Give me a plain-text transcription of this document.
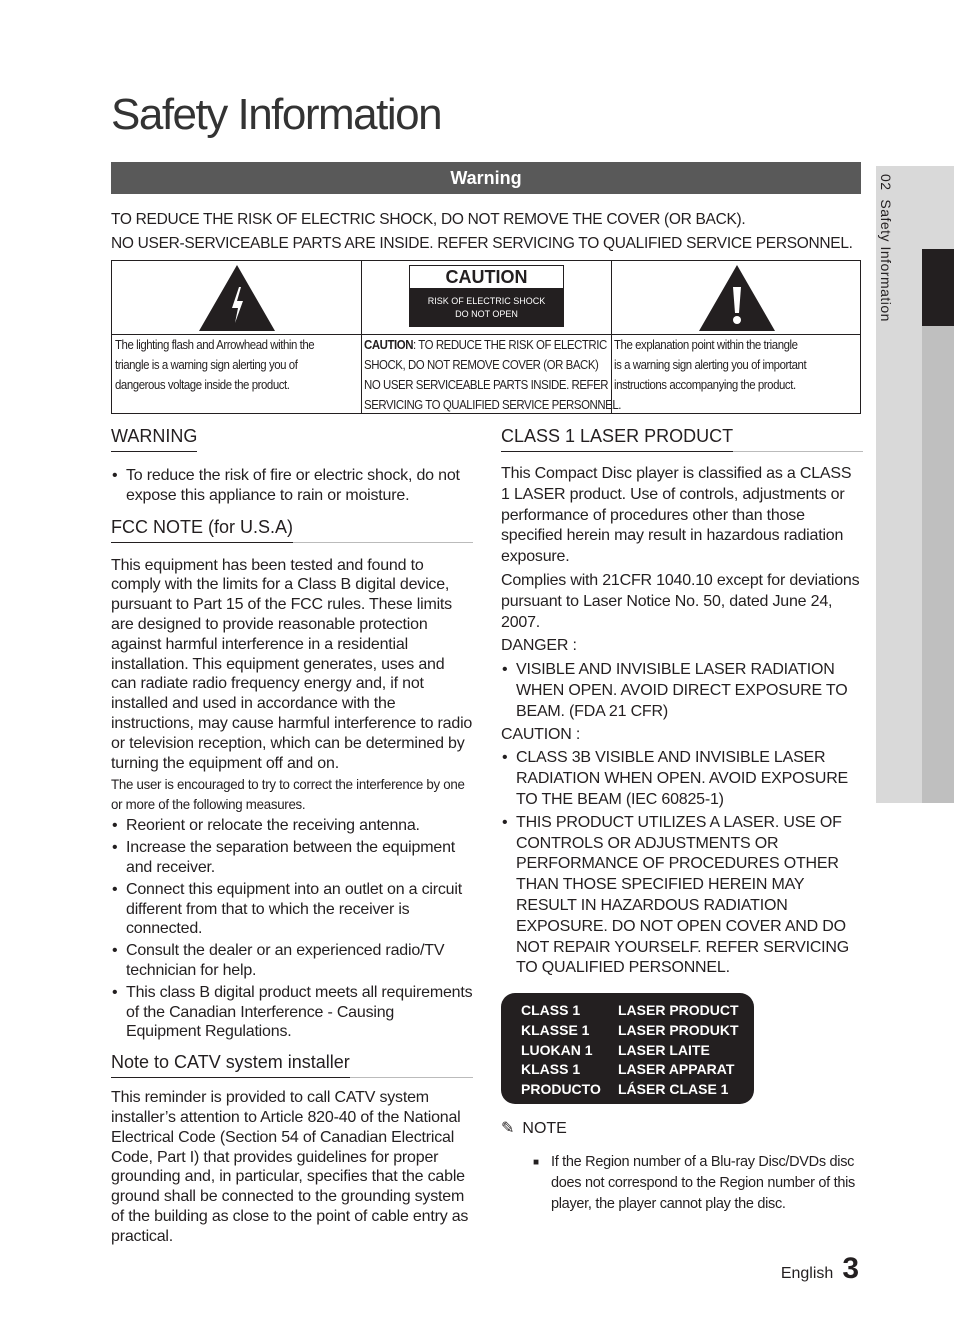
Safety Information
Warning

TO REDUCE THE RISK OF ELECTRIC SHOCK, DO NOT REMOVE THE COVER (OR BACK).

NO USER-SERVICEABLE PARTS ARE INSIDE. REFER SERVICING TO QUALIFIED SERVICE PERSONNEL.

CAUTION
RISK OF ELECTRIC SHOCK
DO NOT OPEN
The lighting flash and Arrowhead within the
triangle is a warning sign alerting you of
dangerous voltage inside the product.
CAUTION: TO REDUCE THE RISK OF ELECTRIC
SHOCK, DO NOT REMOVE COVER (OR BACK)
NO USER SERVICEABLE PARTS INSIDE. REFER
SERVICING TO QUALIFIED SERVICE PERSONNEL.
The explanation point within the triangle
is a warning sign alerting you of important
instructions accompanying the product.
WARNING
• To reduce the risk of fire or electric shock, do not expose this appliance to rain or moisture.
FCC NOTE (for U.S.A)

This equipment has been tested and found to comply with the limits for a Class B digital device, pursuant to Part 15 of the FCC rules. These limits are designed to provide reasonable protection against harmful interference in a residential installation. This equipment generates, uses and can radiate radio frequency energy and, if not installed and used in accordance with the instructions, may cause harmful interference to radio or television reception, which can be determined by turning the equipment off and on.

The user is encouraged to try to correct the interference by one or more of the following measures.
• Reorient or relocate the receiving antenna.
• Increase the separation between the equipment and receiver.
• Connect this equipment into an outlet on a circuit different from that to which the receiver is connected.
• Consult the dealer or an experienced radio/TV technician for help.
• This class B digital product meets all requirements of the Canadian Interference - Causing Equipment Regulations.
Note to CATV system installer

This reminder is provided to call CATV system installer’s attention to Article 820-40 of the National Electrical Code (Section 54 of Canadian Electrical Code, Part I) that provides guidelines for proper grounding and, in particular, specifies that the cable ground shall be connected to the grounding system of the building as close to the point of cable entry as practical.

CLASS 1 LASER PRODUCT

This Compact Disc player is classified as a CLASS 1 LASER product. Use of controls, adjustments or performance of procedures other than those specified herein may result in hazardous radiation exposure.

Complies with 21CFR 1040.10 except for deviations pursuant to Laser Notice No. 50, dated June 24, 2007.

DANGER :

• VISIBLE AND INVISIBLE LASER RADIATION WHEN OPEN. AVOID DIRECT EXPOSURE TO BEAM. (FDA 21 CFR)

CAUTION :

• CLASS 3B VISIBLE AND INVISIBLE LASER RADIATION WHEN OPEN. AVOID EXPOSURE TO THE BEAM (IEC 60825-1)
• THIS PRODUCT UTILIZES A LASER. USE OF CONTROLS OR ADJUSTMENTS OR PERFORMANCE OF PROCEDURES OTHER THAN THOSE SPECIFIED HEREIN MAY RESULT IN HAZARDOUS RADIATION EXPOSURE. DO NOT OPEN COVER AND DO NOT REPAIR YOURSELF. REFER SERVICING TO QUALIFIED PERSONNEL.
CLASS 1	LASER PRODUCT
KLASSE 1	LASER PRODUKT
LUOKAN 1	LASER LAITE
KLASS 1	LASER APPARAT
PRODUCTO	LÁSER CLASE 1
✎ NOTE
■ If the Region number of a Blu-ray Disc/DVDs disc does not correspond to the Region number of this player, the player cannot play the disc.
02  Safety Information
English 3
